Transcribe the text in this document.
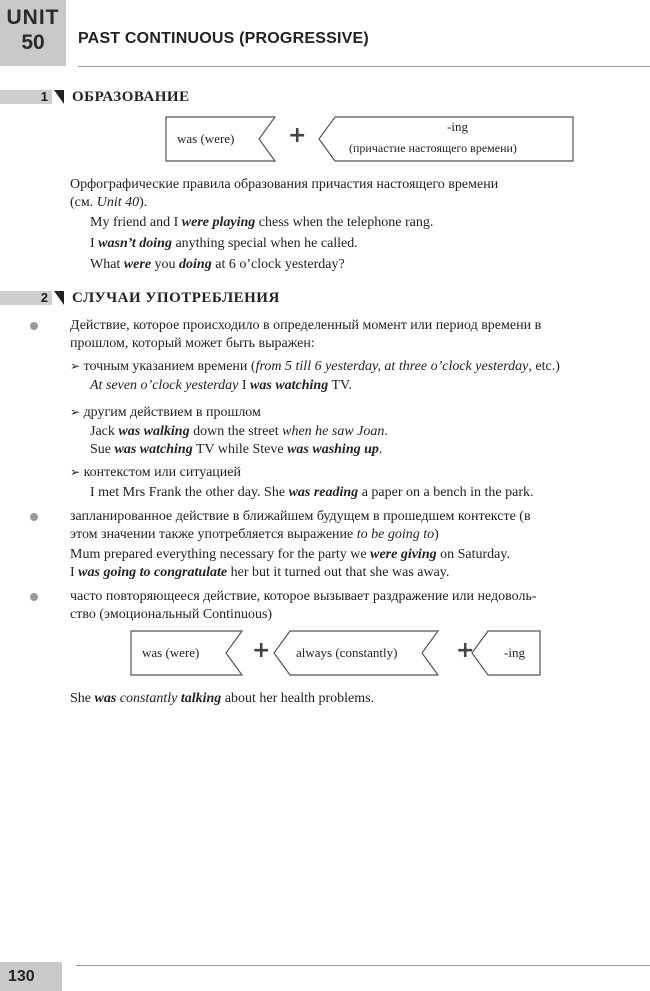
UNIT
50	PAST CONTINUOUS (PROGRESSIVE)
1 ОБРАЗОВАНИЕ
was (were) +	-ing
(причастие настоящего времени)
Орфографические правила образования причастия настоящего времени
(см. Unit 40).
My friend and I were playing chess when the telephone rang.
I wasn’t doing anything special when he called.
What were you doing at 6 o’clock yesterday?
2 СЛУЧАИ УПОТРЕБЛЕНИЯ
Действие, которое происходило в определенный момент или период времени в
прошлом, который может быть выражен:
➢ точным указанием времени (from 5 till 6 yesterday, at three o’clock yesterday, etc.)
At seven o’clock yesterday I was watching TV.
➢ другим действием в прошлом
Jack was walking down the street when he saw Joan.
Sue was watching TV while Steve was washing up.
➢ контекстом или ситуацией
I met Mrs Frank the other day. She was reading a paper on a bench in the park.
запланированное действие в ближайшем будущем в прошедшем контексте (в
этом значении также употребляется выражение to be going to)
Mum prepared everything necessary for the party we were giving on Saturday.
I was going to congratulate her but it turned out that she was away.
часто повторяющееся действие, которое вызывает раздражение или недоволь-
ство (эмоциональный Continuous)
was (were) + always (constantly)	+ -ing
She was constantly talking about her health problems.
130
